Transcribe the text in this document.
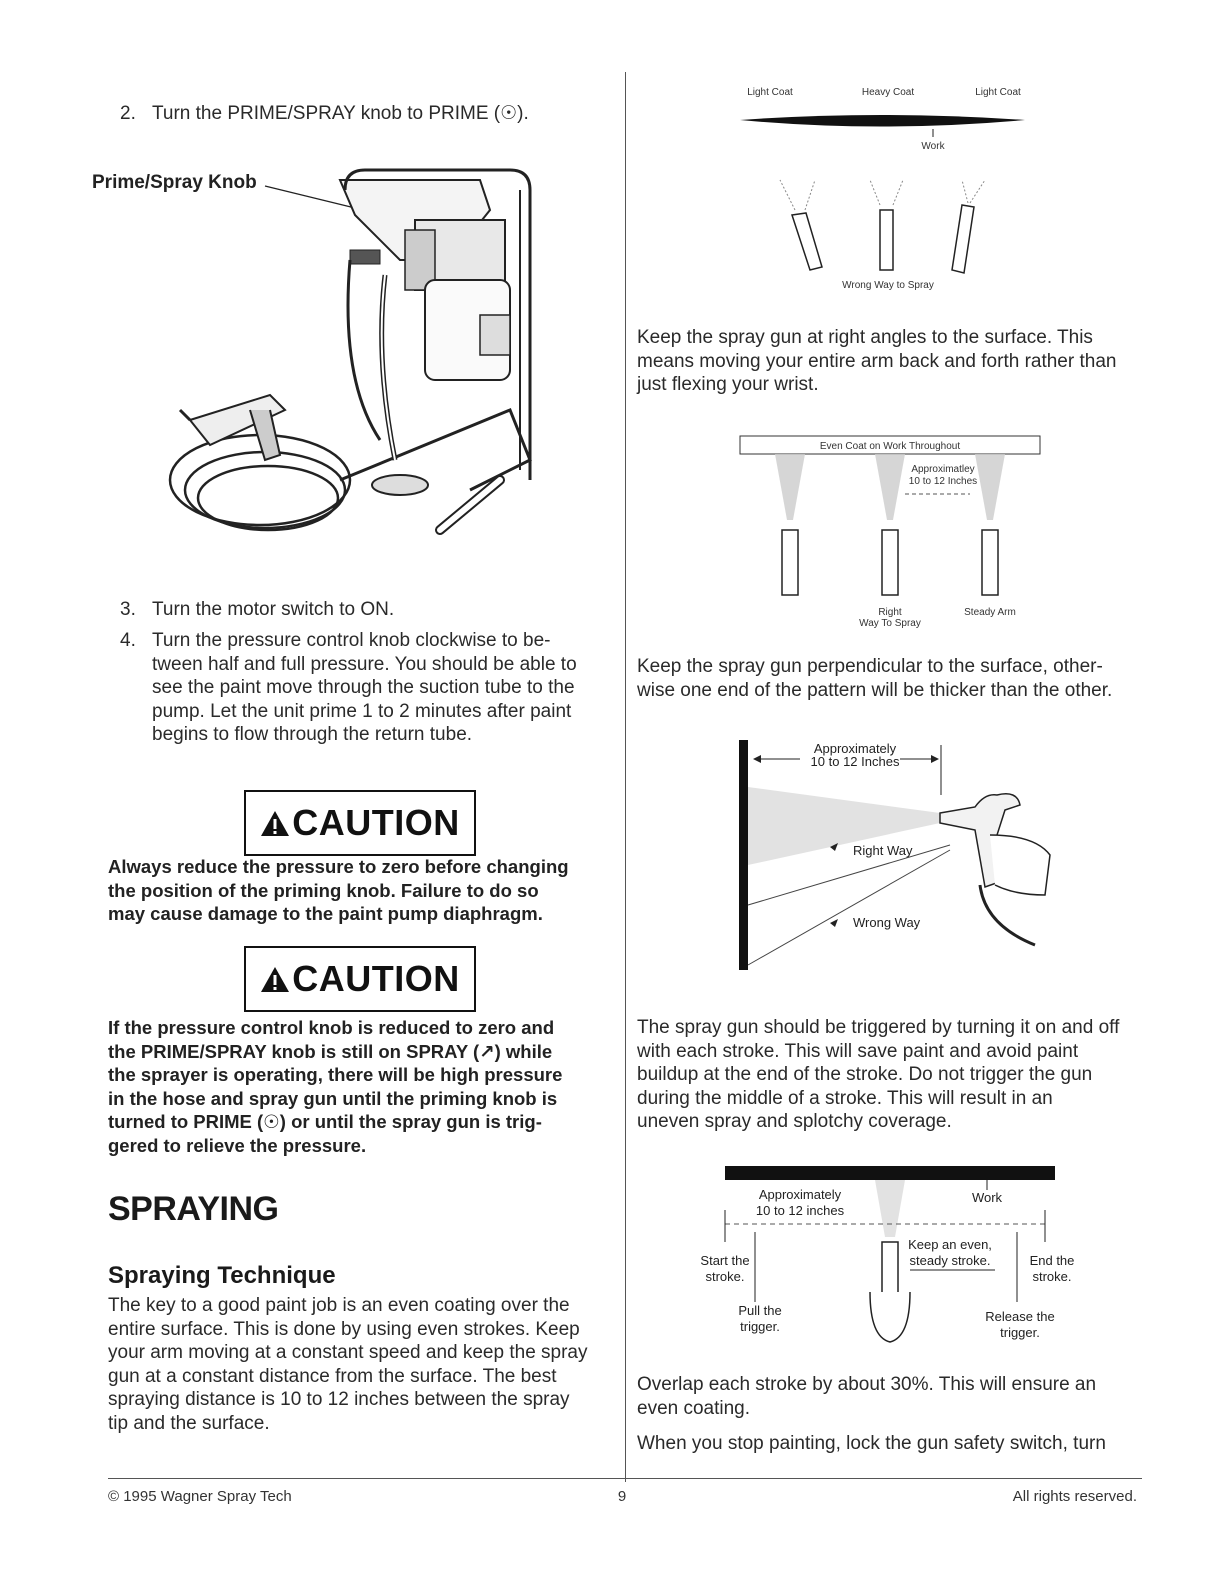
2. Turn the PRIME/SPRAY knob to PRIME (☉).
Prime/Spray Knob
3. Turn the motor switch to ON.
4. Turn the pressure control knob clockwise to be-
tween half and full pressure. You should be able to
see the paint move through the suction tube to the
pump. Let the unit prime 1 to 2 minutes after paint
begins to flow through the return tube.
CAUTION
Always reduce the pressure to zero before changing
the position of the priming knob. Failure to do so
may cause damage to the paint pump diaphragm.
CAUTION
If the pressure control knob is reduced to zero and
the PRIME/SPRAY knob is still on SPRAY (↗) while
the sprayer is operating, there will be high pressure
in the hose and spray gun until the priming knob is
turned to PRIME (☉) or until the spray gun is trig-
gered to relieve the pressure.
SPRAYING
Spraying Technique
The key to a good paint job is an even coating over the
entire surface. This is done by using even strokes. Keep
your arm moving at a constant speed and keep the spray
gun at a constant distance from the surface. The best
spraying distance is 10 to 12 inches between the spray
tip and the surface.
Light Coat	Heavy Coat	Light Coat
Work
Wrong Way to Spray
Keep the spray gun at right angles to the surface. This
means moving your entire arm back and forth rather than
just flexing your wrist.
Even Coat on Work Throughout
Approximatley
10 to 12 Inches
Right
Way To Spray
Steady Arm
Keep the spray gun perpendicular to the surface, other-
wise one end of the pattern will be thicker than the other.
Approximately
10 to 12 Inches
Right Way
Wrong Way
The spray gun should be triggered by turning it on and off
with each stroke. This will save paint and avoid paint
buildup at the end of the stroke. Do not trigger the gun
during the middle of a stroke. This will result in an
uneven spray and splotchy coverage.
Approximately
10 to 12 inches
Work
Start the
stroke.
Keep an even,
steady stroke.	End the
stroke.
Pull the
trigger.
Release the
trigger.
Overlap each stroke by about 30%. This will ensure an
even coating.
When you stop painting, lock the gun safety switch, turn
© 1995 Wagner Spray Tech	9	All rights reserved.
